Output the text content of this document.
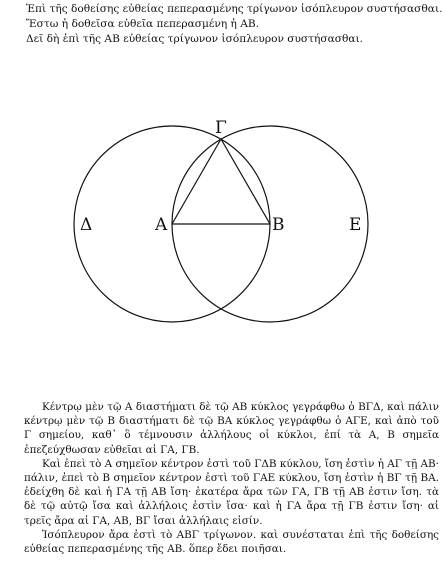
Ἐπὶ τῆς δοθείσης εὐθείας πεπερασμένης τρίγωνον ἰσόπλευρον συστήσασθαι.

Ἔστω ἡ δοθεῖσα εὐθεῖα πεπερασμένη ἡ ΑΒ.

Δεῖ δὴ ἐπὶ τῆς ΑΒ εὐθείας τρίγωνον ἰσόπλευρον συστήσασθαι.

Δ	Α	Β	Ε
Γ

Κέντρῳ μὲν τῷ Α διαστήματι δὲ τῷ ΑΒ κύκλος γεγράφθω ὁ ΒΓΔ, καὶ πάλιν κέντρῳ μὲν τῷ Β διαστήματι δὲ τῷ ΒΑ κύκλος γεγράφθω ὁ ΑΓΕ, καὶ ἀπὸ τοῦ Γ σημείου, καθ᾽ ὃ τέμνουσιν ἀλλήλους οἱ κύκλοι, ἐπί τὰ Α, Β σημεῖα ἐπεζεύχθωσαν εὐθεῖαι αἱ ΓΑ, ΓΒ.

Καὶ ἐπεὶ τὸ Α σημεῖον κέντρον ἐστὶ τοῦ ΓΔΒ κύκλου, ἴση ἐστὶν ἡ ΑΓ τῇ ΑΒ· πάλιν, ἐπεὶ τὸ Β σημεῖον κέντρον ἐστὶ τοῦ ΓΑΕ κύκλου, ἴση ἐστὶν ἡ ΒΓ τῇ ΒΑ. ἐδείχθη δὲ καὶ ἡ ΓΑ τῇ ΑΒ ἴση· ἑκατέρα ἄρα τῶν ΓΑ, ΓΒ τῇ ΑΒ ἐστιν ἴση. τὰ δὲ τῷ αὐτῷ ἴσα καὶ ἀλλήλοις ἐστὶν ἴσα· καὶ ἡ ΓΑ ἄρα τῇ ΓΒ ἐστιν ἴση· αἱ τρεῖς ἄρα αἱ ΓΑ, ΑΒ, ΒΓ ἴσαι ἀλλήλαις εἰσίν.

Ἰσόπλευρον ἄρα ἐστὶ τὸ ΑΒΓ τρίγωνον. καὶ συνέσταται ἐπὶ τῆς δοθείσης εὐθείας πεπερασμένης τῆς ΑΒ. ὅπερ ἔδει ποιῆσαι.
